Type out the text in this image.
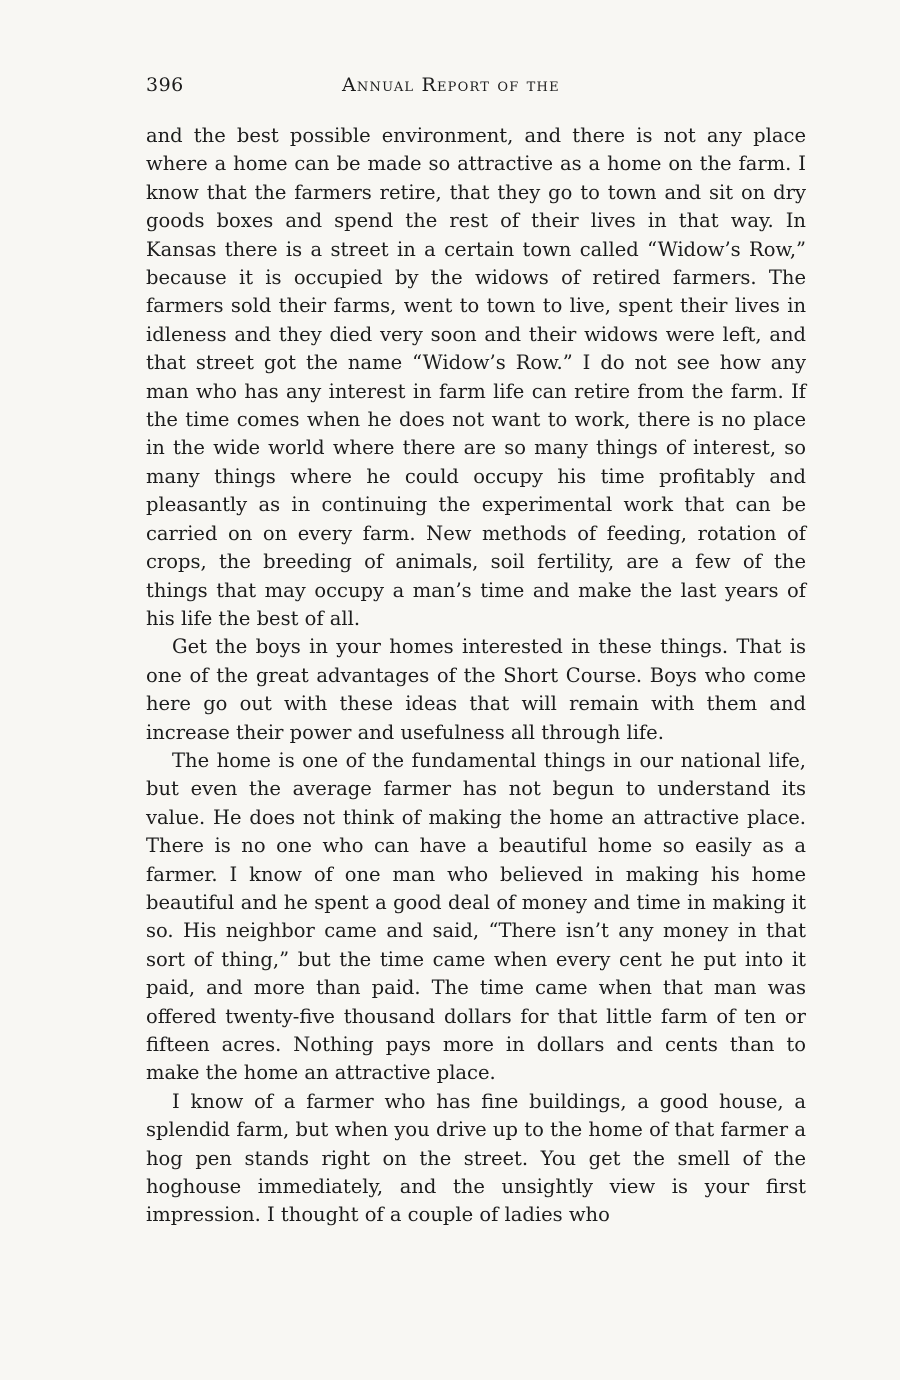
396	Annual Report of the

and the best possible environment, and there is not any place where a home can be made so attractive as a home on the farm. I know that the farmers retire, that they go to town and sit on dry goods boxes and spend the rest of their lives in that way. In Kansas there is a street in a certain town called “Widow’s Row,” because it is occupied by the widows of retired farmers. The farmers sold their farms, went to town to live, spent their lives in idleness and they died very soon and their widows were left, and that street got the name “Widow’s Row.” I do not see how any man who has any interest in farm life can retire from the farm. If the time comes when he does not want to work, there is no place in the wide world where there are so many things of interest, so many things where he could occupy his time profitably and pleasantly as in continuing the experimental work that can be carried on on every farm. New methods of feeding, rotation of crops, the breeding of animals, soil fertility, are a few of the things that may occupy a man’s time and make the last years of his life the best of all.

Get the boys in your homes interested in these things. That is one of the great advantages of the Short Course. Boys who come here go out with these ideas that will remain with them and increase their power and usefulness all through life.

The home is one of the fundamental things in our national life, but even the average farmer has not begun to understand its value. He does not think of making the home an attractive place. There is no one who can have a beautiful home so easily as a farmer. I know of one man who believed in making his home beautiful and he spent a good deal of money and time in making it so. His neighbor came and said, “There isn’t any money in that sort of thing,” but the time came when every cent he put into it paid, and more than paid. The time came when that man was offered twenty-five thousand dollars for that little farm of ten or fifteen acres. Nothing pays more in dollars and cents than to make the home an attractive place.

I know of a farmer who has fine buildings, a good house, a splendid farm, but when you drive up to the home of that farmer a hog pen stands right on the street. You get the smell of the hoghouse immediately, and the unsightly view is your first impression. I thought of a couple of ladies who
